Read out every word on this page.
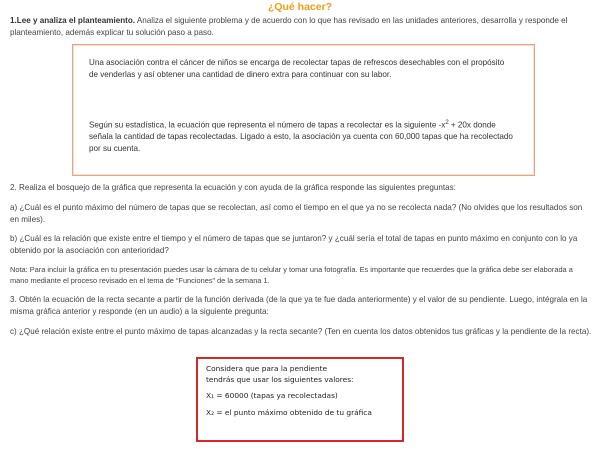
¿Qué hacer?
1.Lee y analiza el planteamiento. Analiza el siguiente problema y de acuerdo con lo que has revisado en las unidades anteriores, desarrolla y responde el planteamiento, además explicar tu solución paso a paso.
Una asociación contra el cáncer de niños se encarga de recolectar tapas de refrescos desechables con el propósito de venderlas y así obtener una cantidad de dinero extra para continuar con su labor.
Según su estadística, la ecuación que representa el número de tapas a recolectar es la siguiente $-x^2 + 20x$ donde señala la cantidad de tapas recolectadas. Ligado a esto, la asociación ya cuenta con 60,000 tapas que ha recolectado por su cuenta.
2. Realiza el bosquejo de la gráfica que representa la ecuación y con ayuda de la gráfica responde las siguientes preguntas:
a) ¿Cuál es el punto máximo del número de tapas que se recolectan, así como el tiempo en el que ya no se recolecta nada? (No olvides que los resultados son en miles).
b) ¿Cuál es la relación que existe entre el tiempo y el número de tapas que se juntaron? y ¿cuál sería el total de tapas en punto máximo en conjunto con lo ya obtenido por la asociación con anterioridad?
Nota: Para incluir la gráfica en tu presentación puedes usar la cámara de tu celular y tomar una fotografía. Es importante que recuerdes que la gráfica debe ser elaborada a mano mediante el proceso revisado en el tema de “Funciones” de la semana 1.
3. Obtén la ecuación de la recta secante a partir de la función derivada (de la que ya te fue dada anteriormente) y el valor de su pendiente. Luego, intégrala en la misma gráfica anterior y responde (en un audio) a la siguiente pregunta:
c) ¿Qué relación existe entre el punto máximo de tapas alcanzadas y la recta secante? (Ten en cuenta los datos obtenidos tus gráficas y la pendiente de la recta).
Considera que para la pendiente
tendrás que usar los siguientes valores:
X₁ = 60000 (tapas ya recolectadas)
X₂ = el punto máximo obtenido de tu gráfica
